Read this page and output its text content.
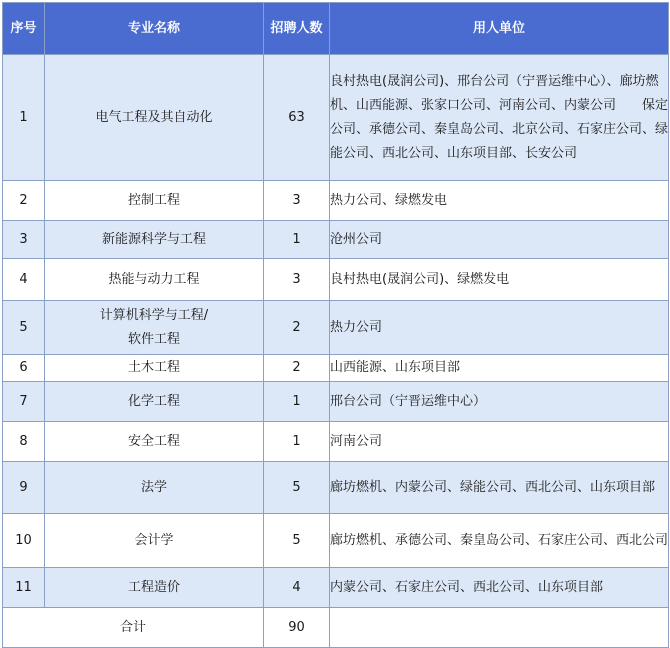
序号	专业名称	招聘人数	用人单位
1	电气工程及其自动化	63	良村热电(晟润公司)、邢台公司（宁晋运维中心）、廊坊燃机、山西能源、张家口公司、河南公司、内蒙公司　　保定公司、承德公司、秦皇岛公司、北京公司、石家庄公司、绿能公司、西北公司、山东项目部、长安公司
2	控制工程	3	热力公司、绿燃发电
3	新能源科学与工程	1	沧州公司
4	热能与动力工程	3	良村热电(晟润公司)、绿燃发电
5	计算机科学与工程/软件工程	2	热力公司
6	土木工程	2	山西能源、山东项目部
7	化学工程	1	邢台公司（宁晋运维中心）
8	安全工程	1	河南公司
9	法学	5	廊坊燃机、内蒙公司、绿能公司、西北公司、山东项目部
10	会计学	5	廊坊燃机、承德公司、秦皇岛公司、石家庄公司、西北公司
11	工程造价	4	内蒙公司、石家庄公司、西北公司、山东项目部
合计		90	
